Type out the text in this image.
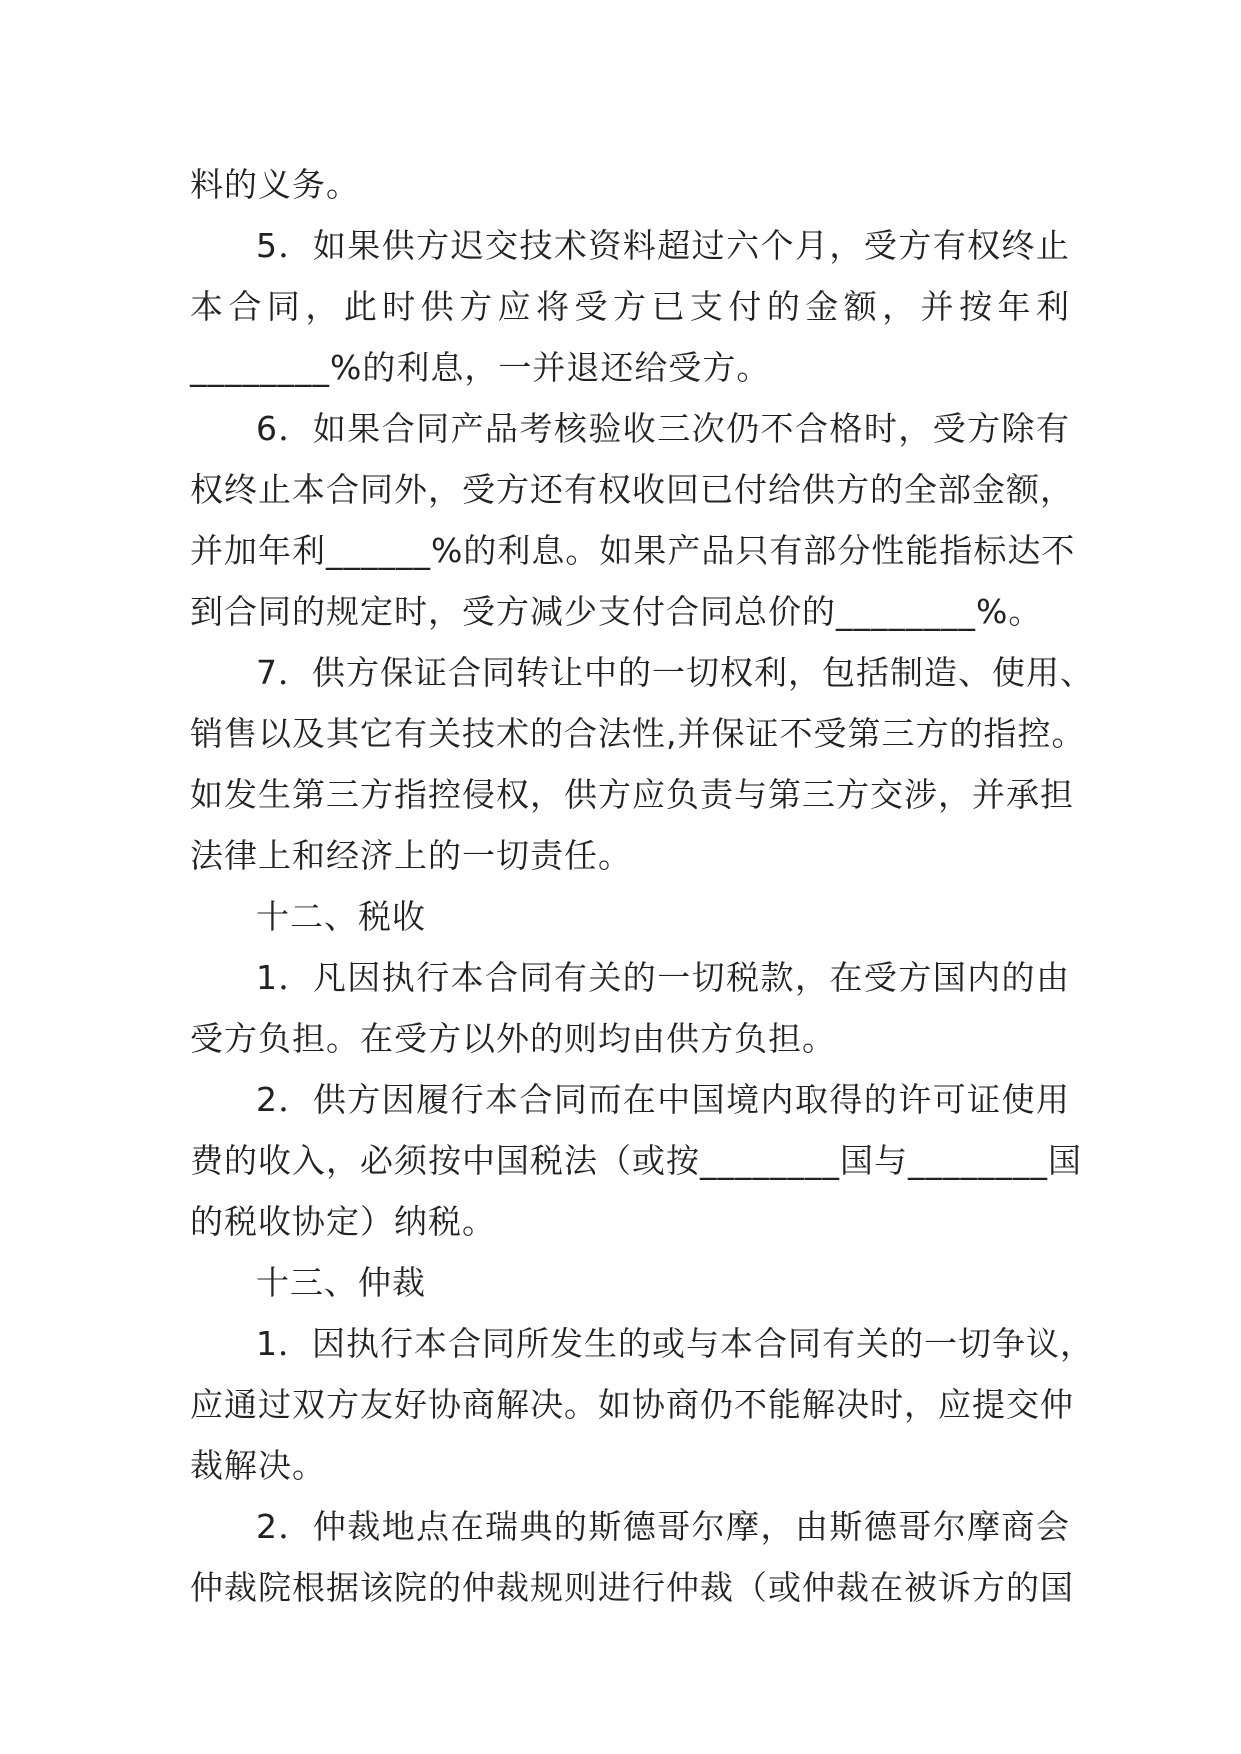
料的义务。

5．如果供方迟交技术资料超过六个月，受方有权终止

本合同，此时供方应将受方已支付的金额，并按年利

________%的利息，一并退还给受方。

6．如果合同产品考核验收三次仍不合格时，受方除有

权终止本合同外，受方还有权收回已付给供方的全部金额，

并加年利______%的利息。如果产品只有部分性能指标达不

到合同的规定时，受方减少支付合同总价的________%。

7．供方保证合同转让中的一切权利，包括制造、使用、

销售以及其它有关技术的合法性,并保证不受第三方的指控。

如发生第三方指控侵权，供方应负责与第三方交涉，并承担

法律上和经济上的一切责任。

十二、税收

1．凡因执行本合同有关的一切税款，在受方国内的由

受方负担。在受方以外的则均由供方负担。

2．供方因履行本合同而在中国境内取得的许可证使用

费的收入，必须按中国税法（或按________国与________国

的税收协定）纳税。

十三、仲裁

1．因执行本合同所发生的或与本合同有关的一切争议，

应通过双方友好协商解决。如协商仍不能解决时，应提交仲

裁解决。

2．仲裁地点在瑞典的斯德哥尔摩，由斯德哥尔摩商会

仲裁院根据该院的仲裁规则进行仲裁（或仲裁在被诉方的国
